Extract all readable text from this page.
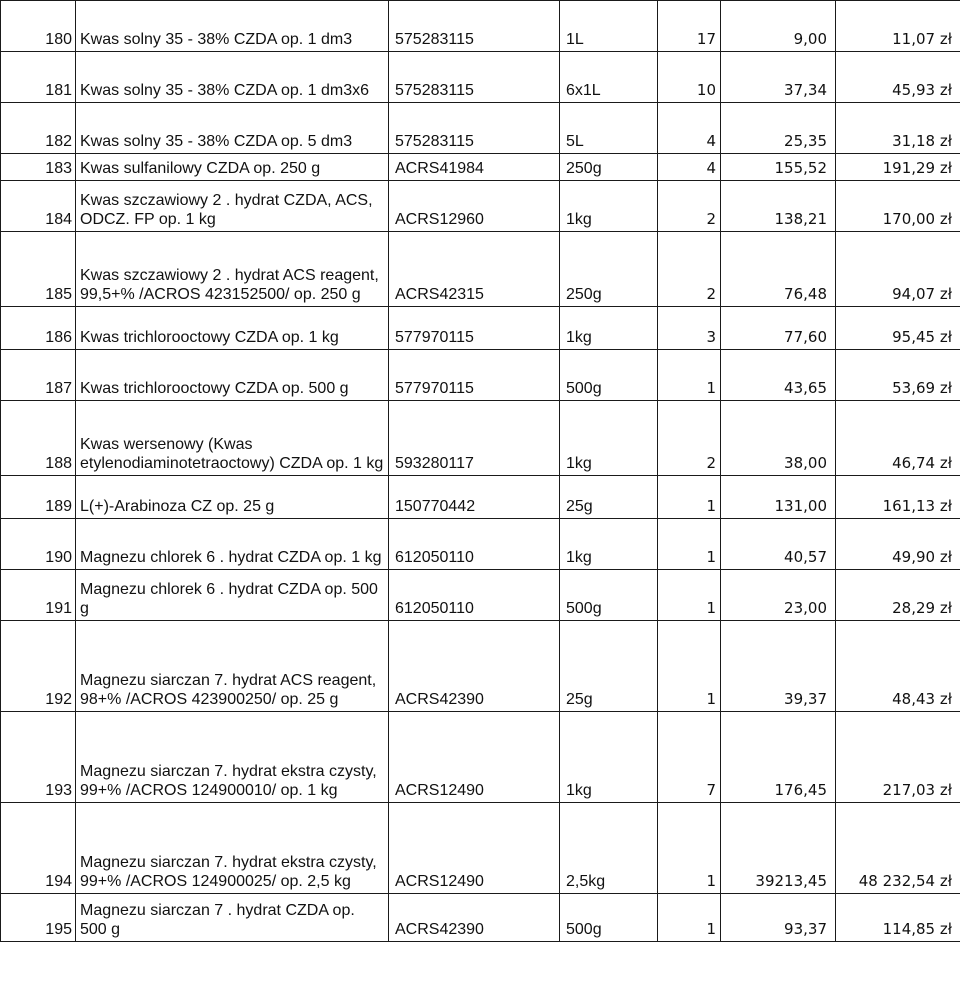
180	Kwas solny 35 - 38% CZDA op. 1 dm3	575283115	1L	17	9,00	11,07 zł
181	Kwas solny 35 - 38% CZDA op. 1 dm3x6	575283115	6x1L	10	37,34	45,93 zł
182	Kwas solny 35 - 38% CZDA op. 5 dm3	575283115	5L	4	25,35	31,18 zł
183	Kwas sulfanilowy CZDA op. 250 g	ACRS41984	250g	4	155,52	191,29 zł
184	Kwas szczawiowy 2 . hydrat CZDA, ACS, ODCZ. FP op. 1 kg	ACRS12960	1kg	2	138,21	170,00 zł
185	Kwas szczawiowy 2 . hydrat ACS reagent, 99,5+% /ACROS 423152500/ op. 250 g	ACRS42315	250g	2	76,48	94,07 zł
186	Kwas trichlorooctowy CZDA op. 1 kg	577970115	1kg	3	77,60	95,45 zł
187	Kwas trichlorooctowy CZDA op. 500 g	577970115	500g	1	43,65	53,69 zł
188	Kwas wersenowy (Kwas etylenodiaminotetraoctowy) CZDA op. 1 kg	593280117	1kg	2	38,00	46,74 zł
189	L(+)-Arabinoza CZ op. 25 g	150770442	25g	1	131,00	161,13 zł
190	Magnezu chlorek 6 . hydrat CZDA op. 1 kg	612050110	1kg	1	40,57	49,90 zł
191	Magnezu chlorek 6 . hydrat CZDA op. 500 g	612050110	500g	1	23,00	28,29 zł
192	Magnezu siarczan 7. hydrat ACS reagent, 98+% /ACROS 423900250/ op. 25 g	ACRS42390	25g	1	39,37	48,43 zł
193	Magnezu siarczan 7. hydrat ekstra czysty, 99+% /ACROS 124900010/ op. 1 kg	ACRS12490	1kg	7	176,45	217,03 zł
194	Magnezu siarczan 7. hydrat ekstra czysty, 99+% /ACROS 124900025/ op. 2,5 kg	ACRS12490	2,5kg	1	39213,45	48 232,54 zł
195	Magnezu siarczan 7 . hydrat CZDA op. 500 g	ACRS42390	500g	1	93,37	114,85 zł
